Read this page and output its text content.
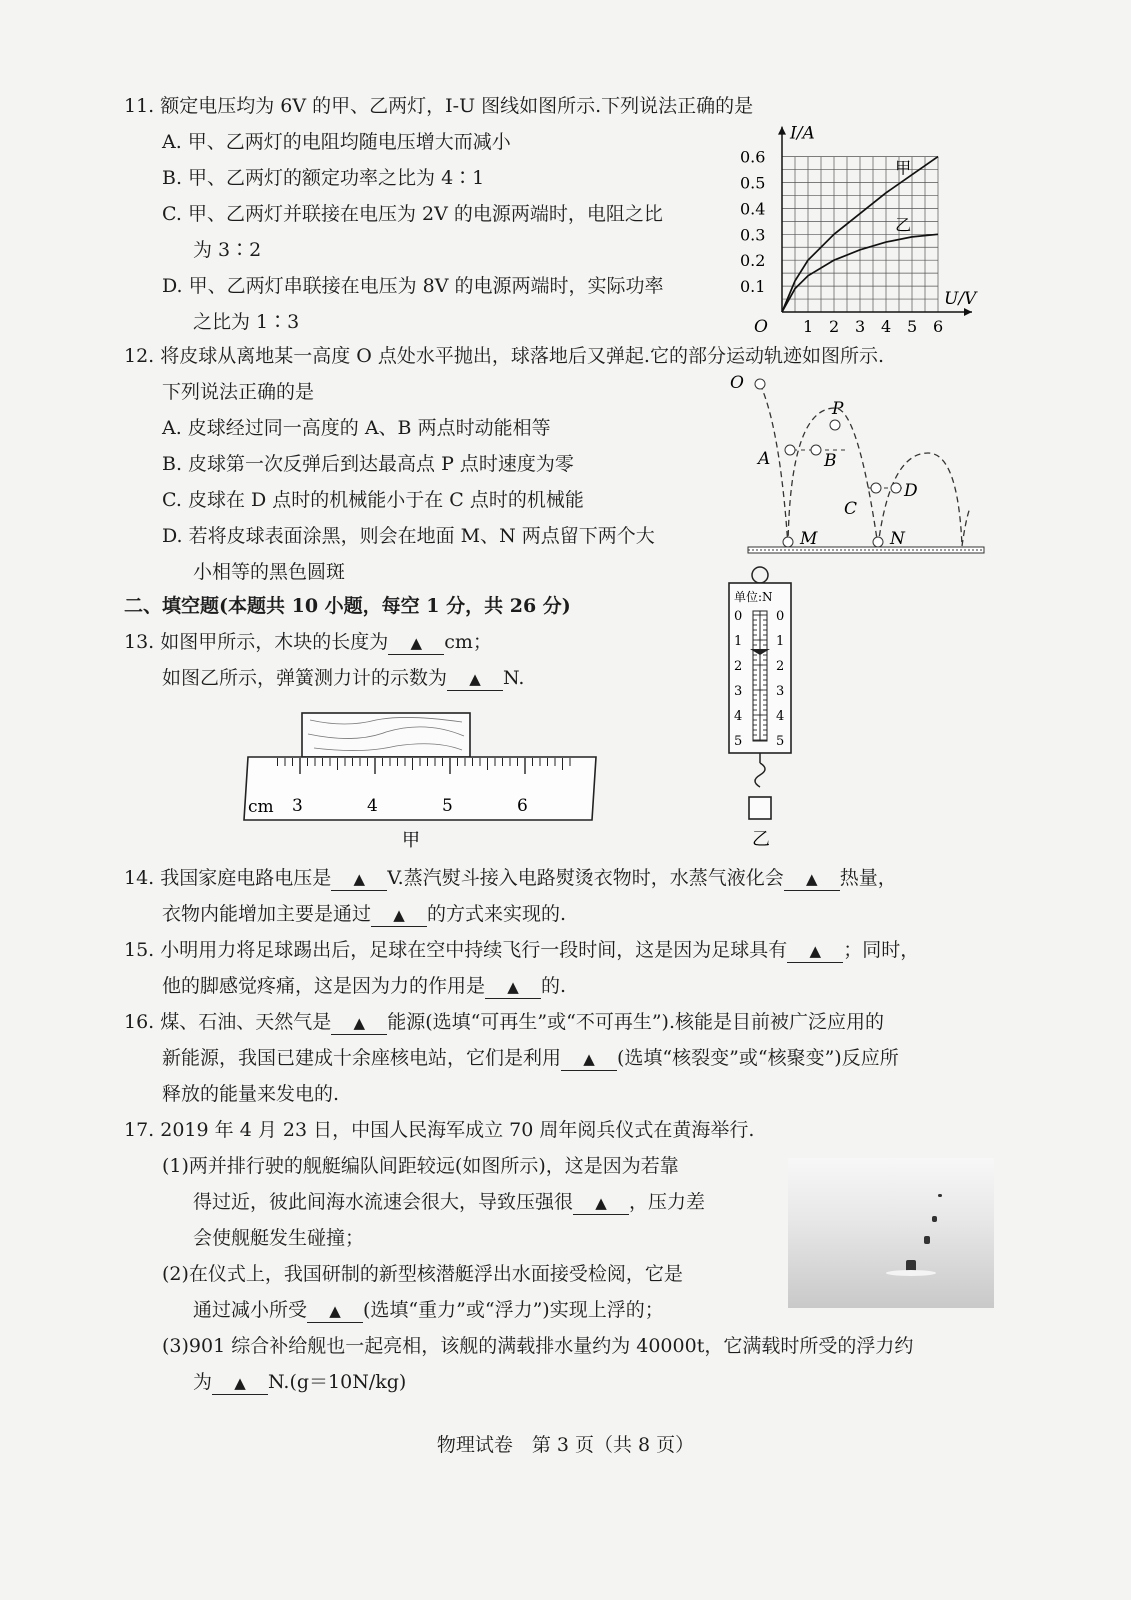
11. 额定电压均为 6V 的甲、乙两灯，I-U 图线如图所示.下列说法正确的是
A. 甲、乙两灯的电阻均随电压增大而减小
B. 甲、乙两灯的额定功率之比为 4∶1
C. 甲、乙两灯并联接在电压为 2V 的电源两端时，电阻之比
为 3∶2
D. 甲、乙两灯串联接在电压为 8V 的电源两端时，实际功率
之比为 1∶3
甲
乙
1 2 3 4 5 6
0.1
0.2
0.3
0.4
0.5
0.6
O
I/A
U/V
12. 将皮球从离地某一高度 O 点处水平抛出，球落地后又弹起.它的部分运动轨迹如图所示.
下列说法正确的是
A. 皮球经过同一高度的 A、B 两点时动能相等
B. 皮球第一次反弹后到达最高点 P 点时速度为零
C. 皮球在 D 点时的机械能小于在 C 点时的机械能
D. 若将皮球表面涂黑，则会在地面 M、N 两点留下两个大
小相等的黑色圆斑
O
A	B
P
C
D
M	N
二、填空题(本题共 10 小题，每空 1 分，共 26 分)
13. 如图甲所示，木块的长度为 ▲ cm；
如图乙所示，弹簧测力计的示数为 ▲ N.
cm 3	4	5	6
甲
单位:N
0	0
1	1
2	2
3	3
4	4
5	5
乙
14. 我国家庭电路电压是 ▲ V.蒸汽熨斗接入电路熨烫衣物时，水蒸气液化会 ▲ 热量，
衣物内能增加主要是通过 ▲ 的方式来实现的.
15. 小明用力将足球踢出后，足球在空中持续飞行一段时间，这是因为足球具有 ▲ ；同时，
他的脚感觉疼痛，这是因为力的作用是 ▲ 的.
16. 煤、石油、天然气是 ▲ 能源(选填“可再生”或“不可再生”).核能是目前被广泛应用的
新能源，我国已建成十余座核电站，它们是利用 ▲ (选填“核裂变”或“核聚变”)反应所
释放的能量来发电的.
17. 2019 年 4 月 23 日，中国人民海军成立 70 周年阅兵仪式在黄海举行.
(1)两并排行驶的舰艇编队间距较远(如图所示)，这是因为若靠
得过近，彼此间海水流速会很大，导致压强很 ▲ ，压力差
会使舰艇发生碰撞；
(2)在仪式上，我国研制的新型核潜艇浮出水面接受检阅，它是
通过减小所受 ▲ (选填“重力”或“浮力”)实现上浮的；
(3)901 综合补给舰也一起亮相，该舰的满载排水量约为 40000t，它满载时所受的浮力约
为 ▲ N.(g＝10N/kg)
物理试卷　第 3 页（共 8 页）
